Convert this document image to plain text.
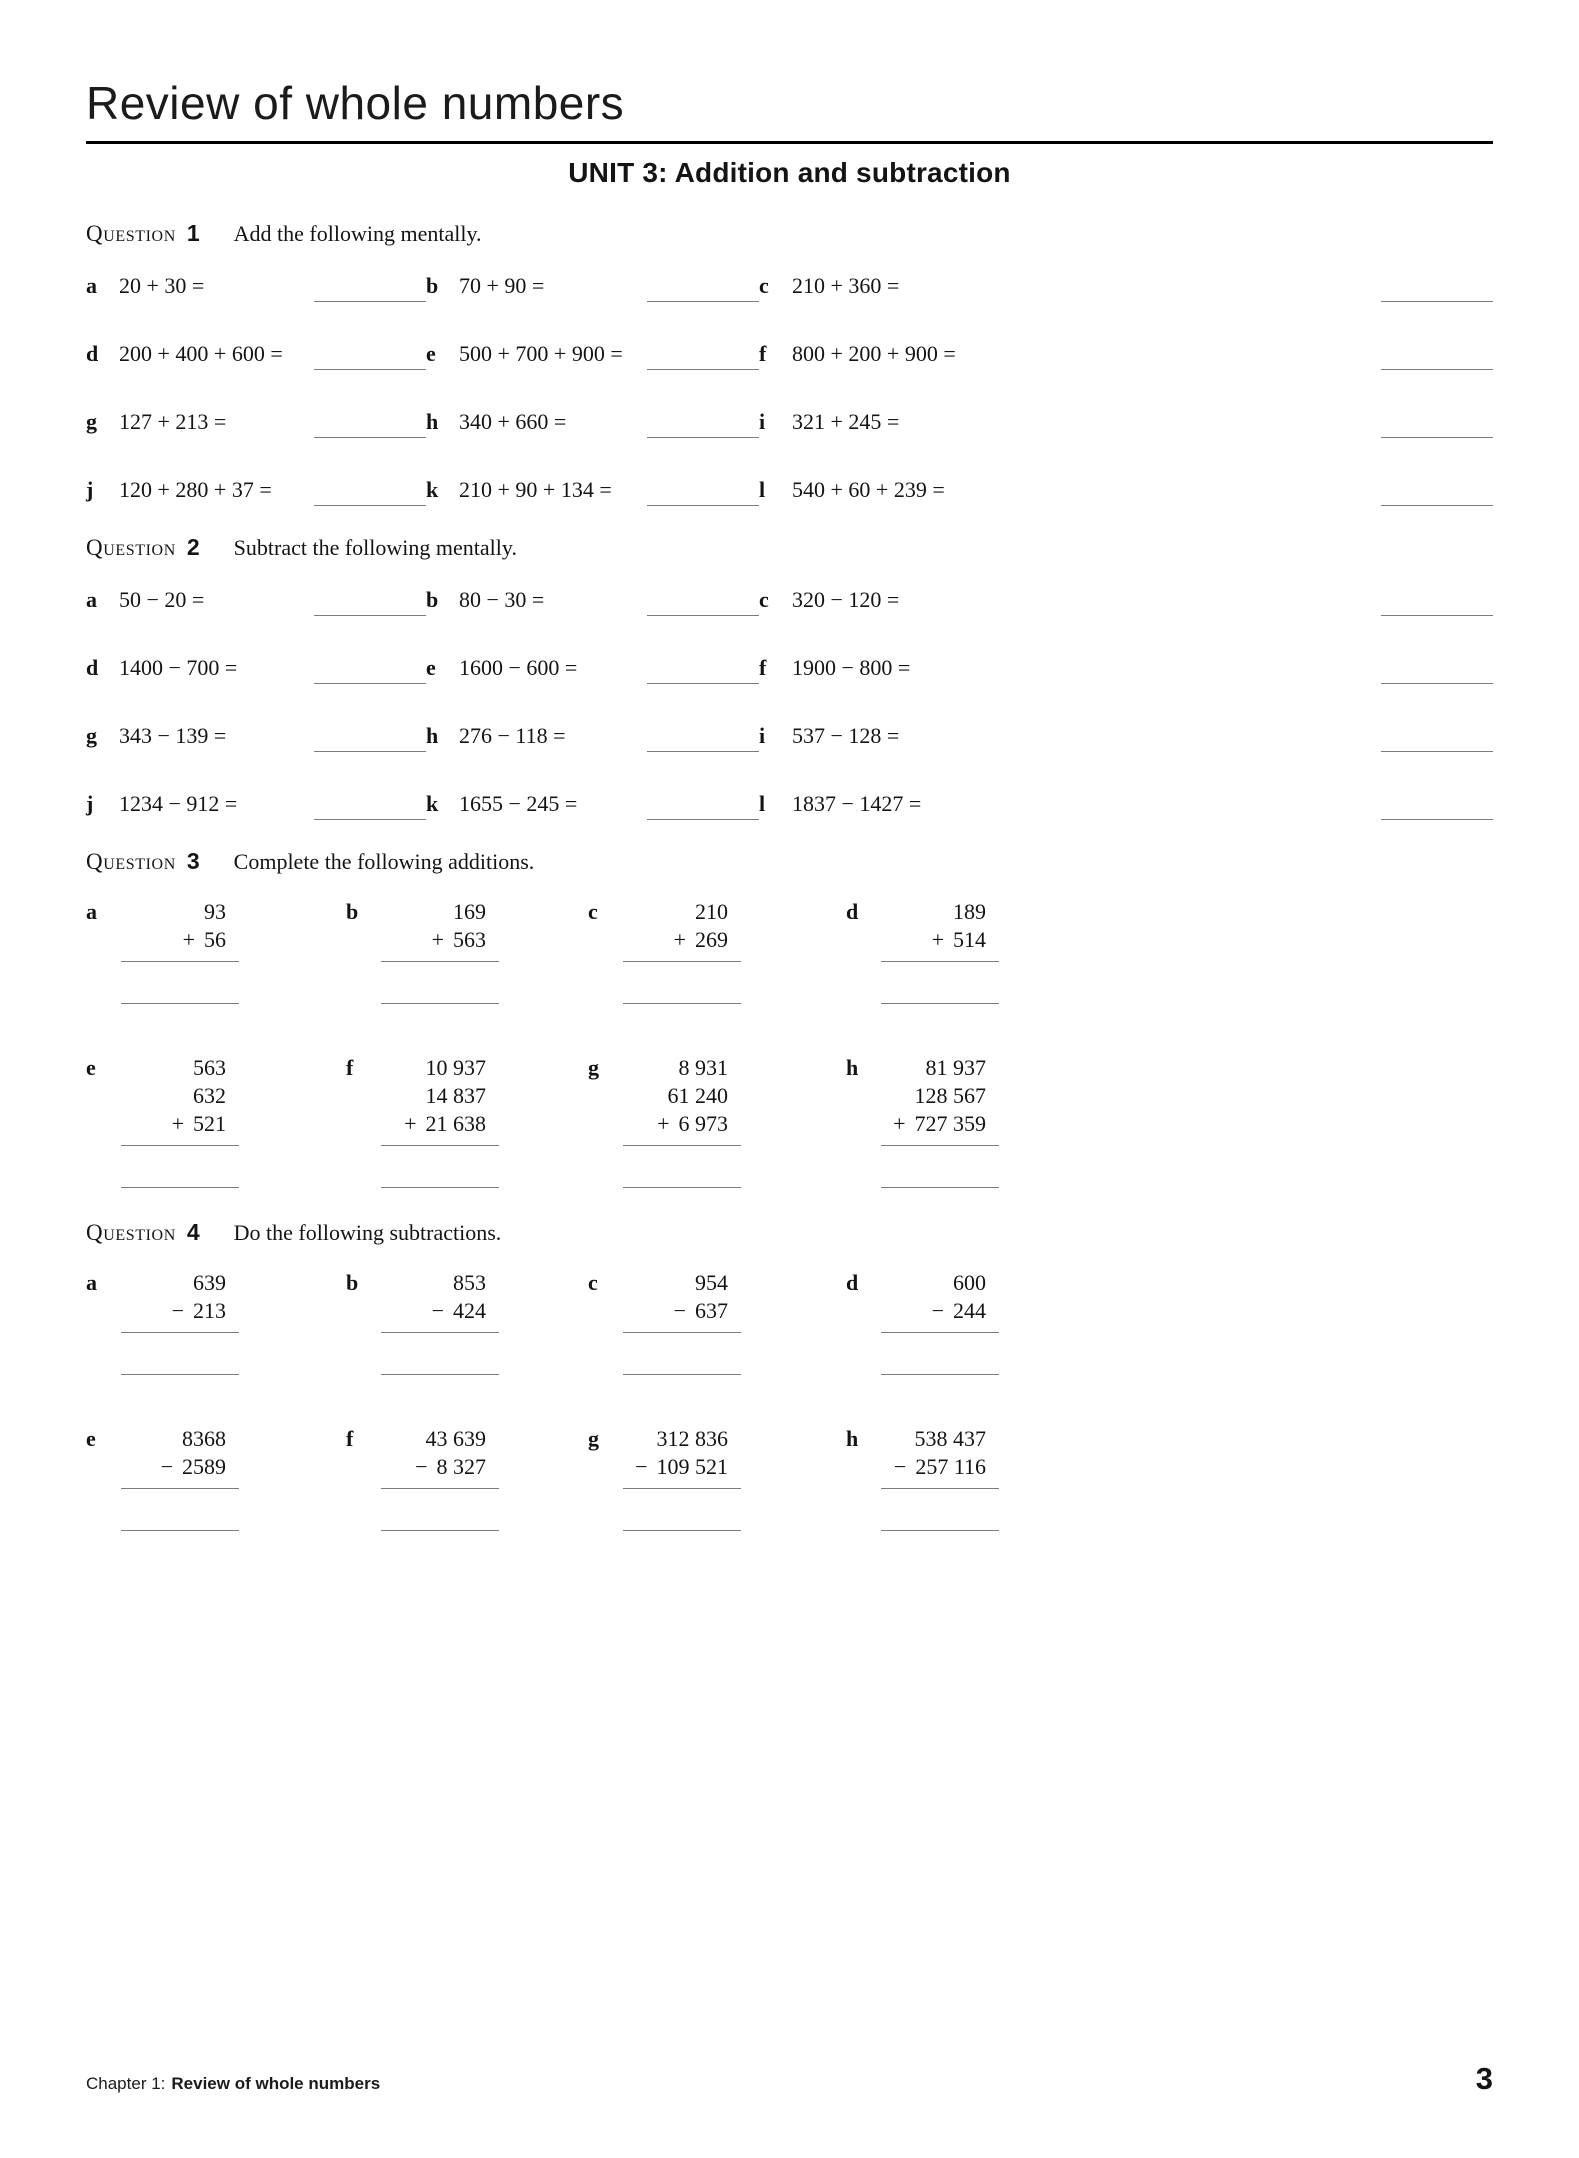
Review of whole numbers
UNIT 3: Addition and subtraction
Question 1 Add the following mentally.
a	20 + 30 =	b 70 + 90 =	c	210 + 360 =
d 200 + 400 + 600 =	e	500 + 700 + 900 =	f	800 + 200 + 900 =
g	127 + 213 =	h 340 + 660 =	i	321 + 245 =
j	120 + 280 + 37 =	k 210 + 90 + 134 =	l	540 + 60 + 239 =
Question 2 Subtract the following mentally.
a	50 − 20 =	b 80 − 30 =	c	320 − 120 =
d 1400 − 700 =	e	1600 − 600 =	f	1900 − 800 =
g	343 − 139 =	h 276 − 118 =	i	537 − 128 =
j	1234 − 912 =	k 1655 − 245 =	l	1837 − 1427 =
Question 3 Complete the following additions.
a	93
+ 56
b	169
+ 563
c	210
+ 269
d	189
+ 514
e	563
632
+ 521
f	10 937
14 837
+ 21 638
g	8 931
61 240
+ 6 973
h	81 937
128 567
+ 727 359
Question 4 Do the following subtractions.
a	639
− 213
b	853
− 424
c	954
− 637
d	600
− 244
e	8368
− 2589
f	43 639
− 8 327
g	312 836
− 109 521
h	538 437
− 257 116
Chapter 1: Review of whole numbers	3
